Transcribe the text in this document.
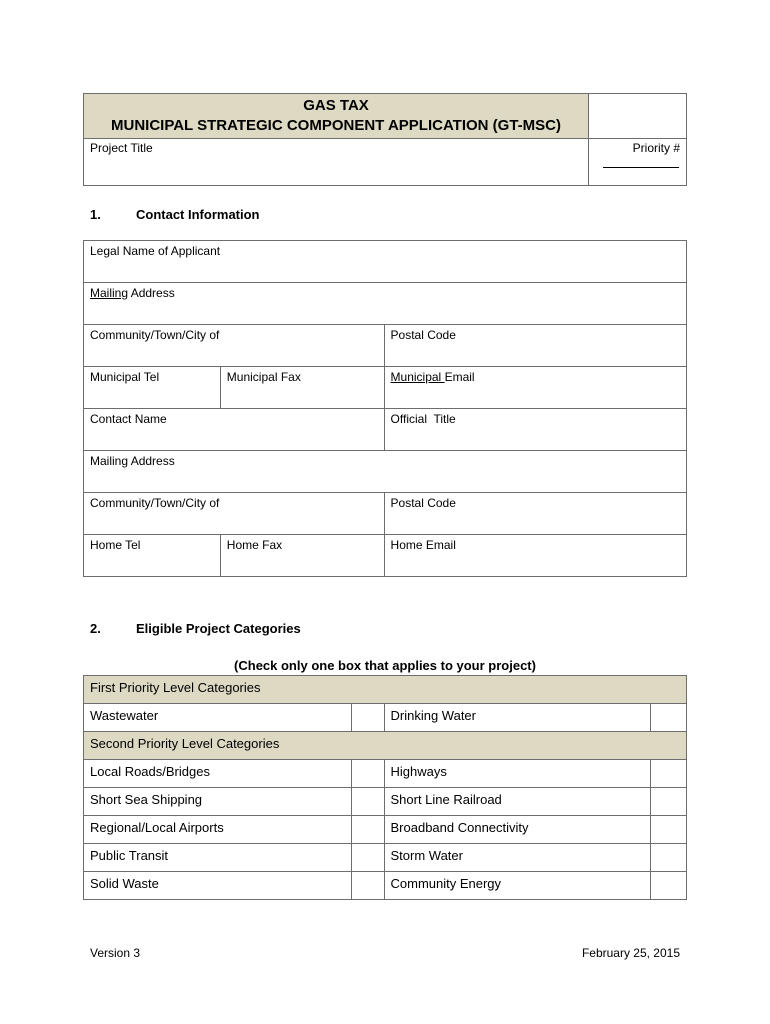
GAS TAX
MUNICIPAL STRATEGIC COMPONENT APPLICATION (GT-MSC)	

Project Title	Priority #
1.	Contact Information
Legal Name of Applicant		
Mailing Address		
Community/Town/City of		Postal Code
Municipal Tel	Municipal Fax	Municipal Email
Contact Name		Official  Title
Mailing Address		
Community/Town/City of		Postal Code
Home Tel	Home Fax	Home Email
2.	Eligible Project Categories
(Check only one box that applies to your project)
First Priority Level Categories			
Wastewater		Drinking Water	
Second Priority Level Categories			
Local Roads/Bridges		Highways	
Short Sea Shipping		Short Line Railroad	
Regional/Local Airports		Broadband Connectivity	
Public Transit		Storm Water	
Solid Waste		Community Energy	
Version 3	February 25, 2015
